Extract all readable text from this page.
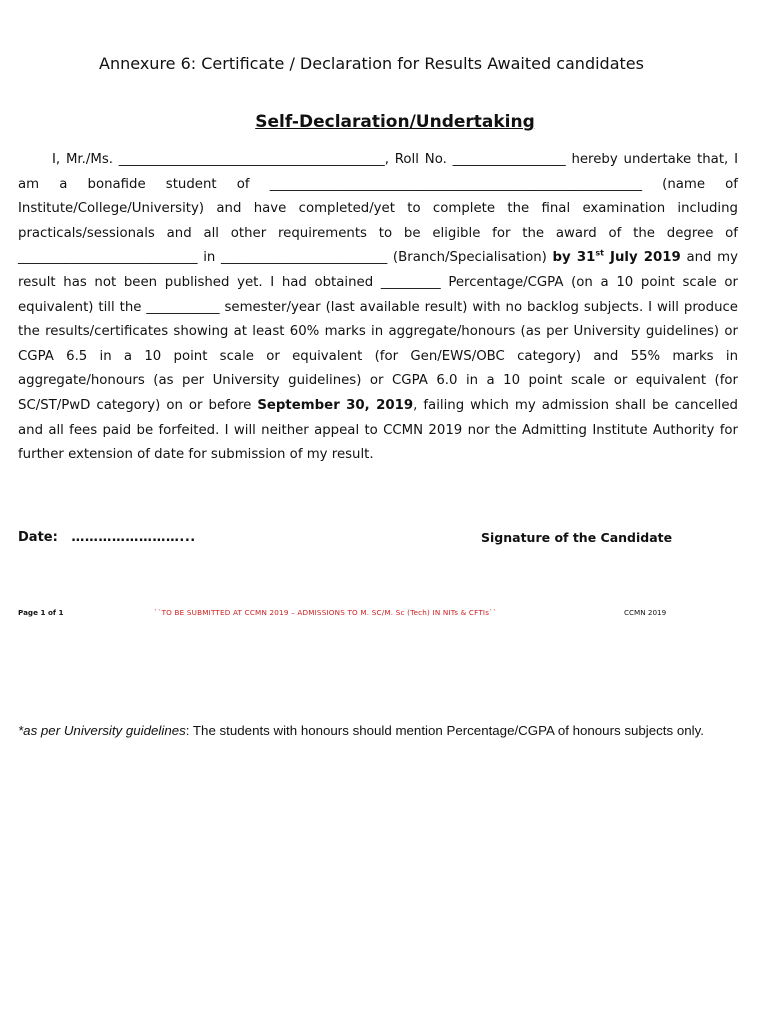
Annexure 6: Certificate / Declaration for Results Awaited candidates
Self-Declaration/Undertaking

I, Mr./Ms. ________________________________________, Roll No. _________________ hereby undertake that, I am a bonafide student of ________________________________________________________ (name of Institute/College/University) and have completed/yet to complete the final examination including practicals/sessionals and all other requirements to be eligible for the award of the degree of ___________________________ in _________________________ (Branch/Specialisation) by 31st July 2019 and my result has not been published yet. I had obtained _________ Percentage/CGPA (on a 10 point scale or equivalent) till the ___________ semester/year (last available result) with no backlog subjects. I will produce the results/certificates showing at least 60% marks in aggregate/honours (as per University guidelines) or CGPA 6.5 in a 10 point scale or equivalent (for Gen/EWS/OBC category) and 55% marks in aggregate/honours (as per University guidelines) or CGPA 6.0 in a 10 point scale or equivalent (for SC/ST/PwD category) on or before September 30, 2019, failing which my admission shall be cancelled and all fees paid be forfeited. I will neither appeal to CCMN 2019 nor the Admitting Institute Authority for further extension of date for submission of my result.

Date: ……………………...	Signature of the Candidate
Page 1 of 1	``TO BE SUBMITTED AT CCMN 2019 – ADMISSIONS TO M. SC/M. Sc (Tech) IN NITs & CFTIs``	CCMN 2019

*as per University guidelines: The students with honours should mention Percentage/CGPA of honours subjects only.
